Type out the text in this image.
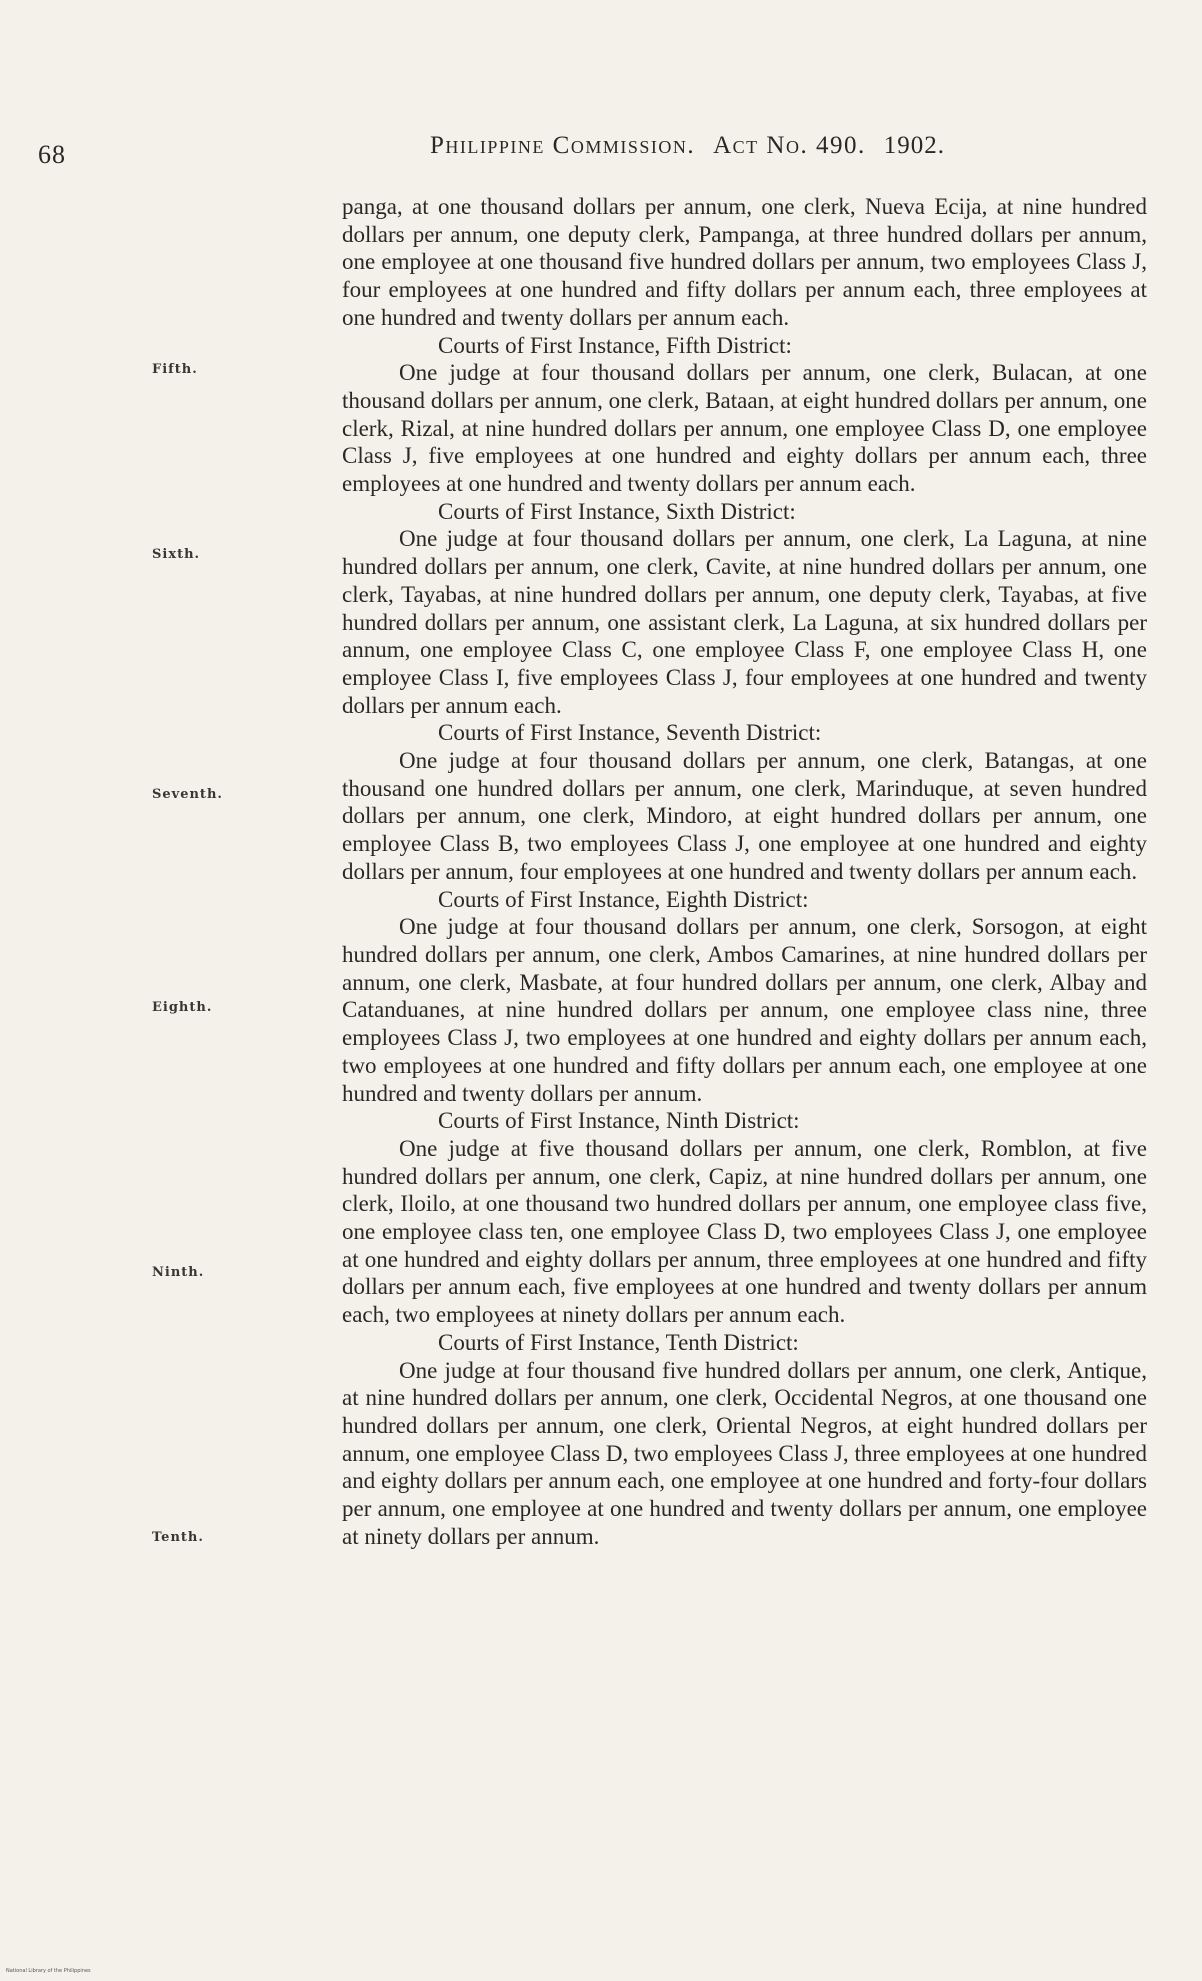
68	Philippine Commission. Act No. 490. 1902.
Fifth.
Sixth.
Seventh.
Eighth.
Ninth.
Tenth.

panga, at one thousand dollars per annum, one clerk, Nueva Ecija, at nine hundred dollars per annum, one deputy clerk, Pampanga, at three hundred dollars per annum, one employee at one thousand five hundred dollars per annum, two employees Class J, four employees at one hundred and fifty dollars per annum each, three employees at one hundred and twenty dollars per annum each.

Courts of First Instance, Fifth District:

One judge at four thousand dollars per annum, one clerk, Bulacan, at one thousand dollars per annum, one clerk, Bataan, at eight hundred dollars per annum, one clerk, Rizal, at nine hundred dollars per annum, one employee Class D, one employee Class J, five employees at one hundred and eighty dollars per annum each, three employees at one hundred and twenty dollars per annum each.

Courts of First Instance, Sixth District:

One judge at four thousand dollars per annum, one clerk, La Laguna, at nine hundred dollars per annum, one clerk, Cavite, at nine hundred dollars per annum, one clerk, Tayabas, at nine hundred dollars per annum, one deputy clerk, Tayabas, at five hundred dollars per annum, one assistant clerk, La Laguna, at six hundred dollars per annum, one employee Class C, one employee Class F, one employee Class H, one employee Class I, five employees Class J, four employees at one hundred and twenty dollars per annum each.

Courts of First Instance, Seventh District:

One judge at four thousand dollars per annum, one clerk, Batangas, at one thousand one hundred dollars per annum, one clerk, Marinduque, at seven hundred dollars per annum, one clerk, Mindoro, at eight hundred dollars per annum, one employee Class B, two employees Class J, one employee at one hundred and eighty dollars per annum, four employees at one hundred and twenty dollars per annum each.

Courts of First Instance, Eighth District:

One judge at four thousand dollars per annum, one clerk, Sorsogon, at eight hundred dollars per annum, one clerk, Ambos Camarines, at nine hundred dollars per annum, one clerk, Masbate, at four hundred dollars per annum, one clerk, Albay and Catanduanes, at nine hundred dollars per annum, one employee class nine, three employees Class J, two employees at one hundred and eighty dollars per annum each, two employees at one hundred and fifty dollars per annum each, one employee at one hundred and twenty dollars per annum.

Courts of First Instance, Ninth District:

One judge at five thousand dollars per annum, one clerk, Romblon, at five hundred dollars per annum, one clerk, Capiz, at nine hundred dollars per annum, one clerk, Iloilo, at one thousand two hundred dollars per annum, one employee class five, one employee class ten, one employee Class D, two employees Class J, one employee at one hundred and eighty dollars per annum, three employees at one hundred and fifty dollars per annum each, five employees at one hundred and twenty dollars per annum each, two employees at ninety dollars per annum each.

Courts of First Instance, Tenth District:

One judge at four thousand five hundred dollars per annum, one clerk, Antique, at nine hundred dollars per annum, one clerk, Occidental Negros, at one thousand one hundred dollars per annum, one clerk, Oriental Negros, at eight hundred dollars per annum, one employee Class D, two employees Class J, three employees at one hundred and eighty dollars per annum each, one employee at one hundred and forty-four dollars per annum, one employee at one hundred and twenty dollars per annum, one employee at ninety dollars per annum.

National Library of the Philippines
